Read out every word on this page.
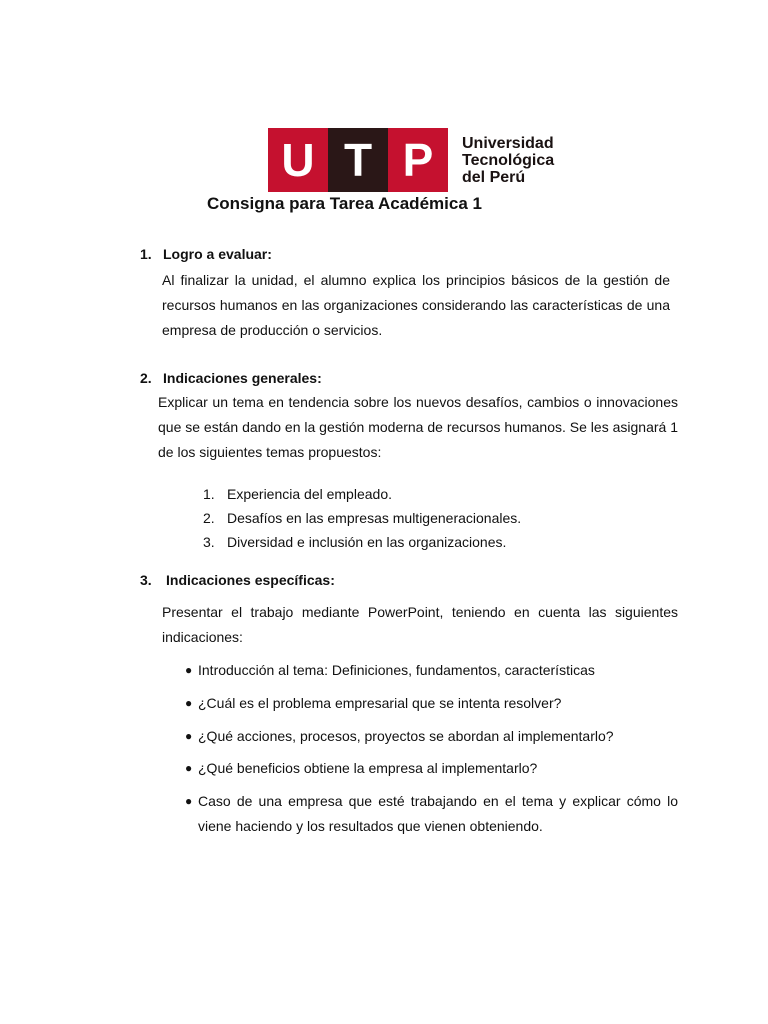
U T P	Universidad
Tecnológica
del Perú
Consigna para Tarea Académica 1
1. Logro a evaluar:
Al finalizar la unidad, el alumno explica los principios básicos de la gestión de recursos humanos en las organizaciones considerando las características de una empresa de producción o servicios.
2. Indicaciones generales:
Explicar un tema en tendencia sobre los nuevos desafíos, cambios o innovaciones que se están dando en la gestión moderna de recursos humanos. Se les asignará 1 de los siguientes temas propuestos:
1. Experiencia del empleado.
2. Desafíos en las empresas multigeneracionales.
3. Diversidad e inclusión en las organizaciones.
3. Indicaciones específicas:
Presentar el trabajo mediante PowerPoint, teniendo en cuenta las siguientes indicaciones:
● Introducción al tema: Definiciones, fundamentos, características
● ¿Cuál es el problema empresarial que se intenta resolver?
● ¿Qué acciones, procesos, proyectos se abordan al implementarlo?
● ¿Qué beneficios obtiene la empresa al implementarlo?
● Caso de una empresa que esté trabajando en el tema y explicar cómo lo viene haciendo y los resultados que vienen obteniendo.
